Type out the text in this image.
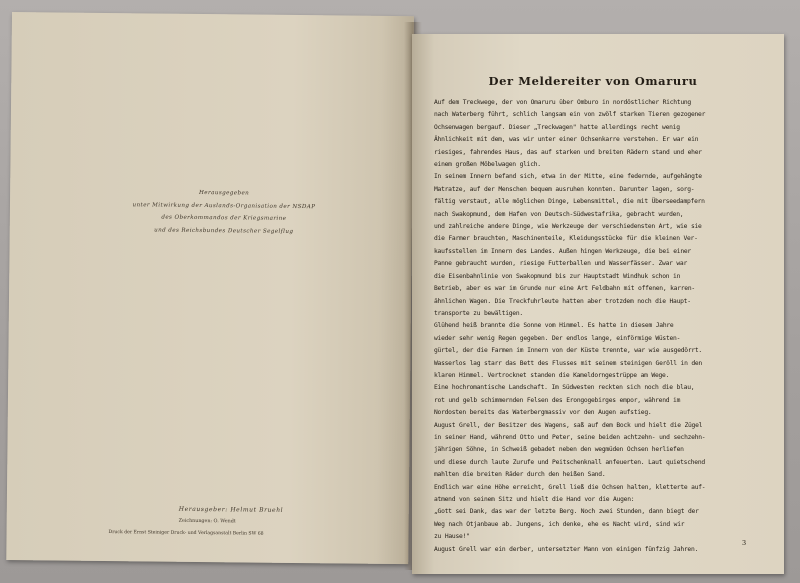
Herausgegeben
unter Mitwirkung der Auslands-Organisation der NSDAP
des Oberkommandos der Kriegsmarine
und des Reichsbundes Deutscher Segelflug
Herausgeber: Helmut Bruehl
Zeichnungen: O. Wendt
Druck der Ernst Steiniger Druck- und Verlagsanstalt Berlin SW 68
Der Meldereiter von Omaruru
Auf dem Treckwege, der von Omaruru über Omburo in nordöstlicher Richtung
nach Waterberg führt, schlich langsam ein von zwölf starken Tieren gezogener
Ochsenwagen bergauf. Dieser „Treckwagen" hatte allerdings recht wenig
Ähnlichkeit mit dem, was wir unter einer Ochsenkarre verstehen. Er war ein
riesiges, fahrendes Haus, das auf starken und breiten Rädern stand und eher
einem großen Möbelwagen glich.
In seinem Innern befand sich, etwa in der Mitte, eine federnde, aufgehängte
Matratze, auf der Menschen bequem ausruhen konnten. Darunter lagen, sorg-
fältig verstaut, alle möglichen Dinge, Lebensmittel, die mit Überseedampfern
nach Swakopmund, dem Hafen von Deutsch-Südwestafrika, gebracht wurden,
und zahlreiche andere Dinge, wie Werkzeuge der verschiedensten Art, wie sie
die Farmer brauchten, Maschinenteile, Kleidungsstücke für die kleinen Ver-
kaufsstellen im Innern des Landes. Außen hingen Werkzeuge, die bei einer
Panne gebraucht wurden, riesige Futterballen und Wasserfässer. Zwar war
die Eisenbahnlinie von Swakopmund bis zur Hauptstadt Windhuk schon in
Betrieb, aber es war im Grunde nur eine Art Feldbahn mit offenen, karren-
ähnlichen Wagen. Die Treckfuhrleute hatten aber trotzdem noch die Haupt-
transporte zu bewältigen.
Glühend heiß brannte die Sonne vom Himmel. Es hatte in diesem Jahre
wieder sehr wenig Regen gegeben. Der endlos lange, einförmige Wüsten-
gürtel, der die Farmen im Innern von der Küste trennte, war wie ausgedörrt.
Wasserlos lag starr das Bett des Flusses mit seinem steinigen Geröll in den
klaren Himmel. Vertrocknet standen die Kameldorngestrüppe am Wege.
Eine hochromantische Landschaft. Im Südwesten reckten sich noch die blau,
rot und gelb schimmernden Felsen des Erongogebirges empor, während im
Nordosten bereits das Waterbergmassiv vor den Augen aufstieg.
August Grell, der Besitzer des Wagens, saß auf dem Bock und hielt die Zügel
in seiner Hand, während Otto und Peter, seine beiden achtzehn- und sechzehn-
jährigen Söhne, in Schweiß gebadet neben den wegmüden Ochsen herliefen
und diese durch laute Zurufe und Peitschenknall anfeuerten. Laut quietschend
mahlten die breiten Räder durch den heißen Sand.
Endlich war eine Höhe erreicht, Grell ließ die Ochsen halten, kletterte auf-
atmend von seinem Sitz und hielt die Hand vor die Augen:
„Gott sei Dank, das war der letzte Berg. Noch zwei Stunden, dann biegt der
Weg nach Otjanbaue ab. Jungens, ich denke, ehe es Nacht wird, sind wir
zu Hause!"
August Grell war ein derber, untersetzter Mann von einigen fünfzig Jahren.
3
